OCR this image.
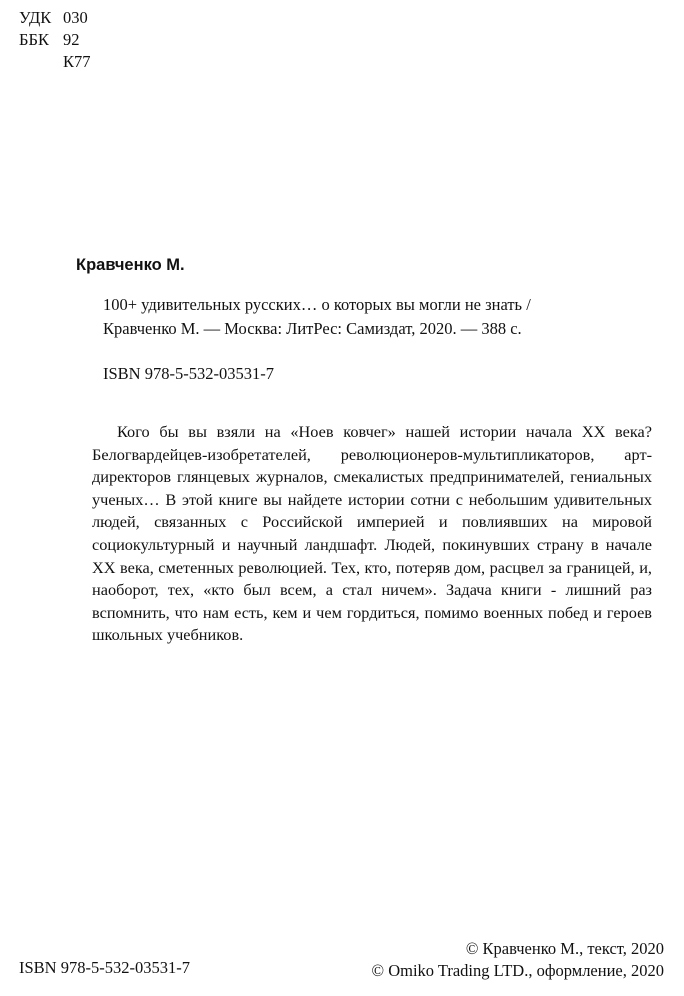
УДК 030
ББК 92
К77
Кравченко М.
100+ удивительных русских… о которых вы могли не знать /
Кравченко М. — Москва: ЛитРес: Самиздат, 2020. — 388 с.
ISBN 978-5-532-03531-7

Кого бы вы взяли на «Ноев ковчег» нашей истории начала XX века? Белогвардейцев-изобретателей, революционеров-мультипликаторов, арт-директоров глянцевых журналов, смекалистых предпринимателей, гениальных ученых… В этой книге вы найдете истории сотни с небольшим удивительных людей, связанных с Российской империей и повлиявших на мировой социокультурный и научный ландшафт. Людей, покинувших страну в начале XX века, сметенных революцией. Тех, кто, потеряв дом, расцвел за границей, и, наоборот, тех, «кто был всем, а стал ничем». Задача книги - лишний раз вспомнить, что нам есть, кем и чем гордиться, помимо военных побед и героев школьных учебников.

ISBN 978-5-532-03531-7
© Кравченко М., текст, 2020
© Omiko Trading LTD., оформление, 2020
